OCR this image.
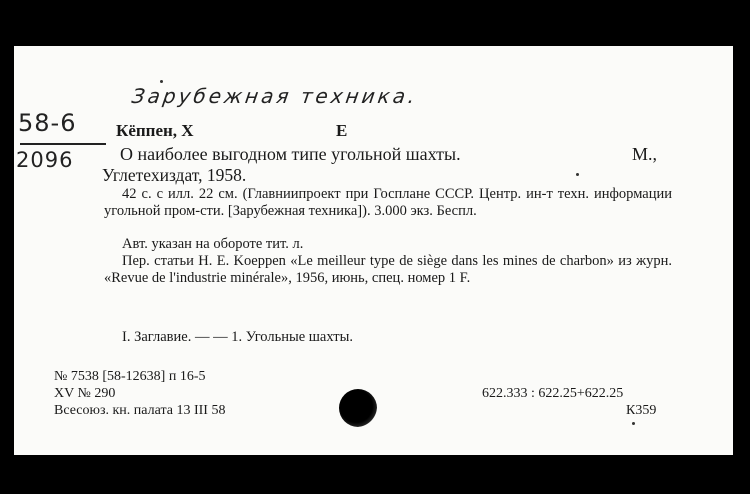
Зарубежная техника.
58-6
2096
Кёппен, Х	Е
О наиболее выгодном типе угольной шахты.	М.,
Углетехиздат, 1958.
42 с. с илл. 22 см. (Главниипроект при Госплане СССР. Центр. ин-т техн. информации угольной пром-сти. [Зарубежная техника]). 3.000 экз. Беспл.
Авт. указан на обороте тит. л.
Пер. статьи Н. Е. Koeppen «Le meilleur type de siège dans les mines de charbon» из журн. «Revue de l'industrie minérale», 1956, июнь, спец. номер 1 F.
I. Заглавие. — — 1. Угольные шахты.
№ 7538 [58-12638] п 16-5
XV № 290
Всесоюз. кн. палата 13 III 58
622.333 : 622.25+622.25
К359
